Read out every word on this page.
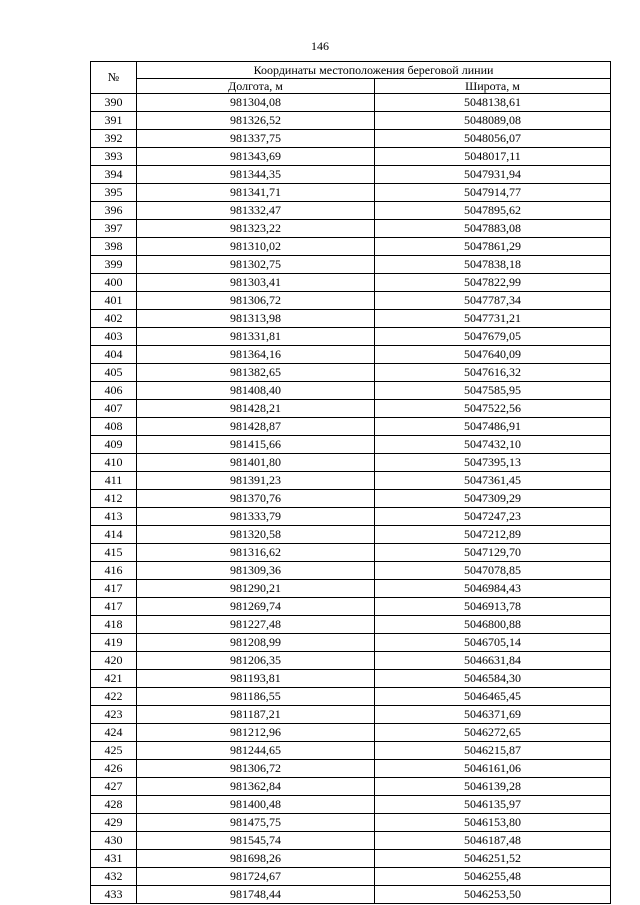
146
№	Координаты местоположения береговой линии	
	Долгота, м	Широта, м
390	981304,08	5048138,61
391	981326,52	5048089,08
392	981337,75	5048056,07
393	981343,69	5048017,11
394	981344,35	5047931,94
395	981341,71	5047914,77
396	981332,47	5047895,62
397	981323,22	5047883,08
398	981310,02	5047861,29
399	981302,75	5047838,18
400	981303,41	5047822,99
401	981306,72	5047787,34
402	981313,98	5047731,21
403	981331,81	5047679,05
404	981364,16	5047640,09
405	981382,65	5047616,32
406	981408,40	5047585,95
407	981428,21	5047522,56
408	981428,87	5047486,91
409	981415,66	5047432,10
410	981401,80	5047395,13
411	981391,23	5047361,45
412	981370,76	5047309,29
413	981333,79	5047247,23
414	981320,58	5047212,89
415	981316,62	5047129,70
416	981309,36	5047078,85
417	981290,21	5046984,43
417	981269,74	5046913,78
418	981227,48	5046800,88
419	981208,99	5046705,14
420	981206,35	5046631,84
421	981193,81	5046584,30
422	981186,55	5046465,45
423	981187,21	5046371,69
424	981212,96	5046272,65
425	981244,65	5046215,87
426	981306,72	5046161,06
427	981362,84	5046139,28
428	981400,48	5046135,97
429	981475,75	5046153,80
430	981545,74	5046187,48
431	981698,26	5046251,52
432	981724,67	5046255,48
433	981748,44	5046253,50
